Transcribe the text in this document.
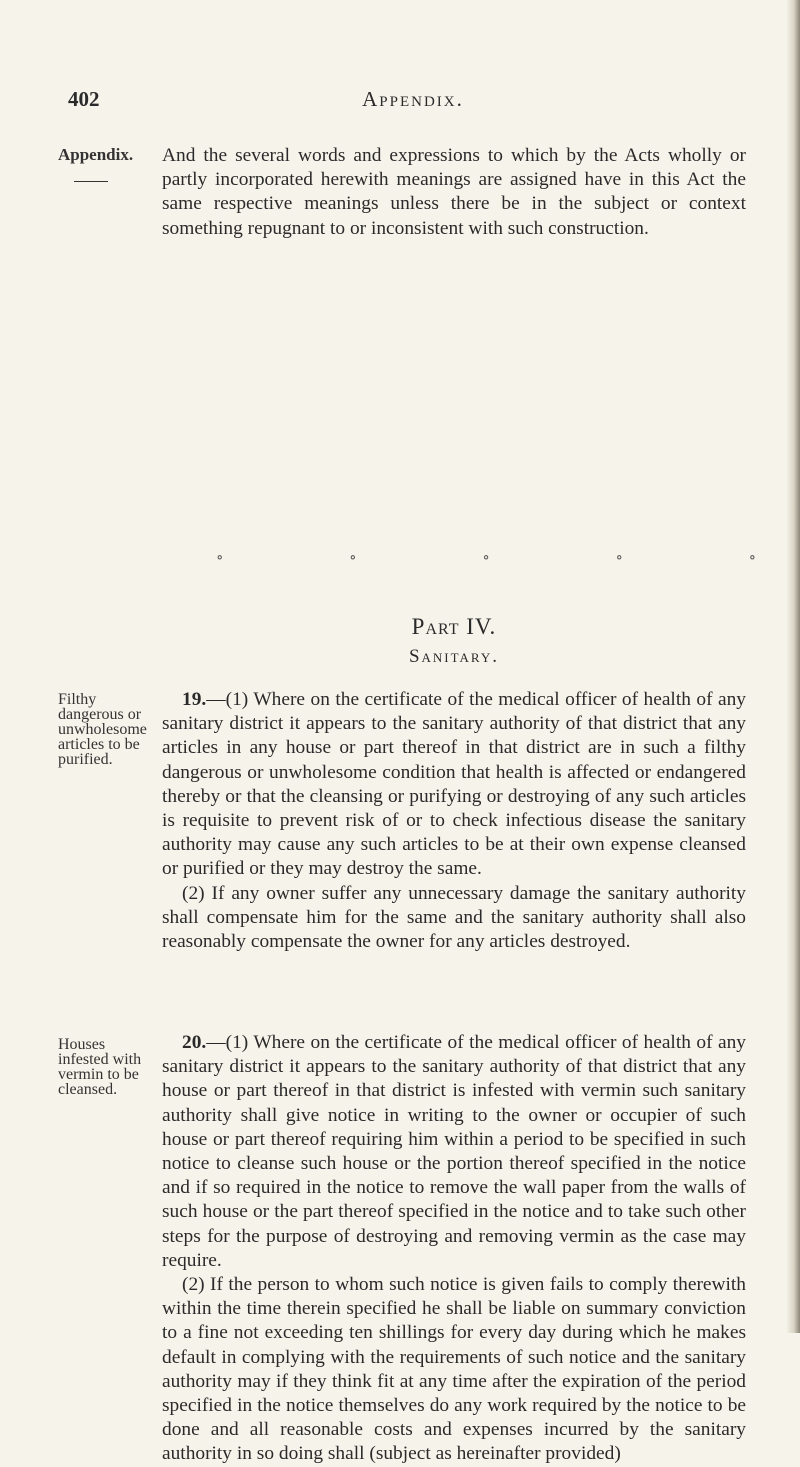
402	Appendix.
Appendix.	And the several words and expressions to which by the Acts wholly or partly incorporated herewith meanings are assigned have in this Act the same respective meanings unless there be in the subject or context something repugnant to or inconsistent with such construction.

∘	∘	∘	∘	∘
Part IV.
Sanitary.
Filthy dangerous or unwholesome articles to be purified.

19.—(1) Where on the certificate of the medical officer of health of any sanitary district it appears to the sanitary authority of that district that any articles in any house or part thereof in that district are in such a filthy dangerous or unwholesome condition that health is affected or endangered thereby or that the cleansing or purifying or destroying of any such articles is requisite to prevent risk of or to check infectious disease the sanitary authority may cause any such articles to be at their own expense cleansed or purified or they may destroy the same.

(2) If any owner suffer any unnecessary damage the sanitary authority shall compensate him for the same and the sanitary authority shall also reasonably compensate the owner for any articles destroyed.

Houses infested with vermin to be cleansed.

20.—(1) Where on the certificate of the medical officer of health of any sanitary district it appears to the sanitary authority of that district that any house or part thereof in that district is infested with vermin such sanitary authority shall give notice in writing to the owner or occupier of such house or part thereof requiring him within a period to be specified in such notice to cleanse such house or the portion thereof specified in the notice and if so required in the notice to remove the wall paper from the walls of such house or the part thereof specified in the notice and to take such other steps for the purpose of destroying and removing vermin as the case may require.

(2) If the person to whom such notice is given fails to comply therewith within the time therein specified he shall be liable on summary conviction to a fine not exceeding ten shillings for every day during which he makes default in complying with the requirements of such notice and the sanitary authority may if they think fit at any time after the expiration of the period specified in the notice themselves do any work required by the notice to be done and all reasonable costs and expenses incurred by the sanitary authority in so doing shall (subject as hereinafter provided)
